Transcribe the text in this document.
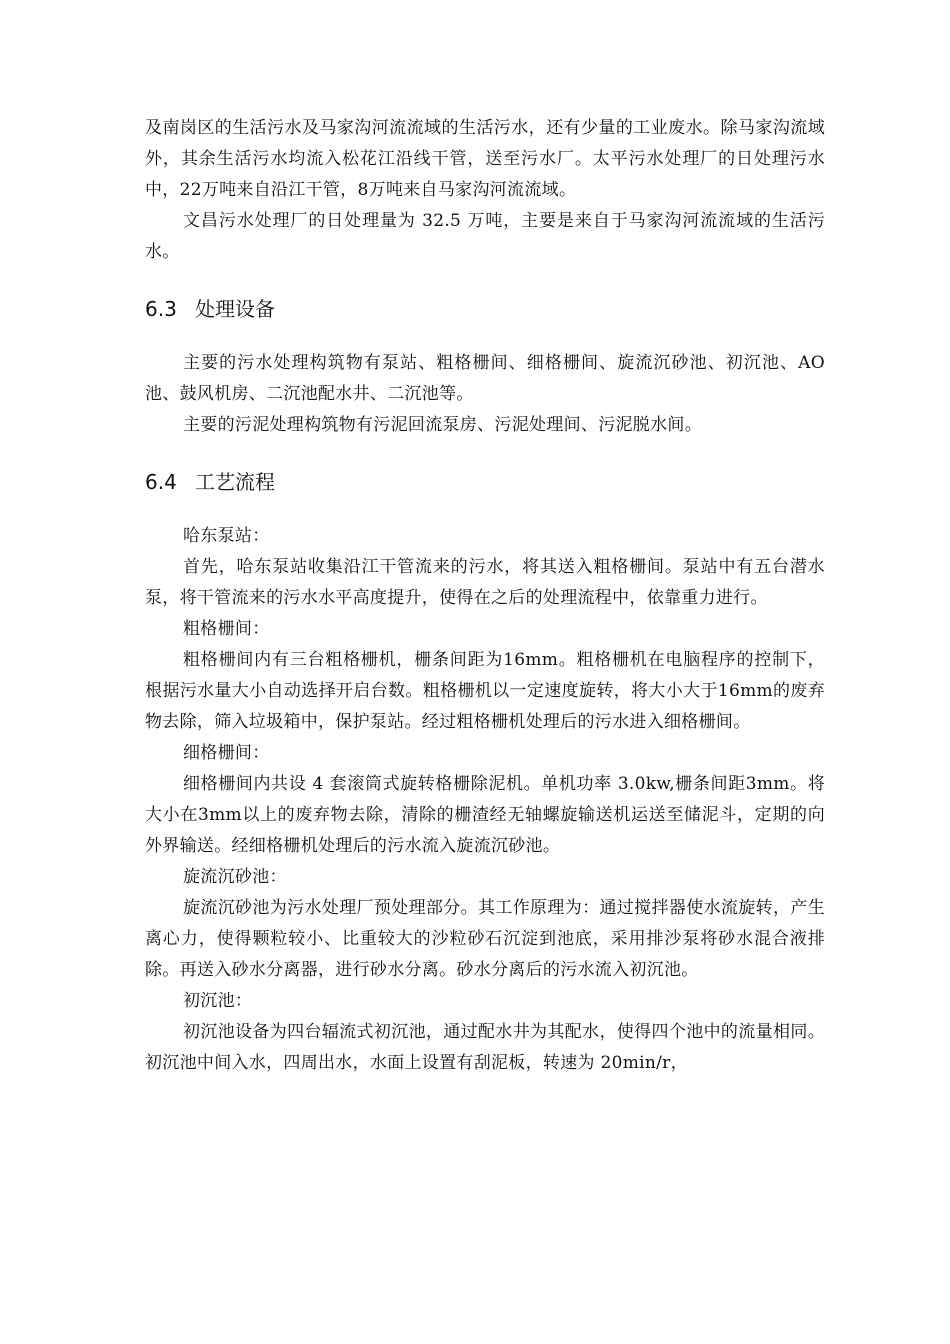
及南岗区的生活污水及马家沟河流流域的生活污水，还有少量的工业废水。除马家沟流域外，其余生活污水均流入松花江沿线干管，送至污水厂。太平污水处理厂的日处理污水中，22万吨来自沿江干管，8万吨来自马家沟河流流域。

文昌污水处理厂的日处理量为 32.5 万吨，主要是来自于马家沟河流流域的生活污水。

6.3 处理设备

主要的污水处理构筑物有泵站、粗格栅间、细格栅间、旋流沉砂池、初沉池、AO池、鼓风机房、二沉池配水井、二沉池等。

主要的污泥处理构筑物有污泥回流泵房、污泥处理间、污泥脱水间。

6.4 工艺流程

哈东泵站：

首先，哈东泵站收集沿江干管流来的污水，将其送入粗格栅间。泵站中有五台潜水泵，将干管流来的污水水平高度提升，使得在之后的处理流程中，依靠重力进行。

粗格栅间：

粗格栅间内有三台粗格栅机，栅条间距为16mm。粗格栅机在电脑程序的控制下，根据污水量大小自动选择开启台数。粗格栅机以一定速度旋转，将大小大于16mm的废弃物去除，筛入垃圾箱中，保护泵站。经过粗格栅机处理后的污水进入细格栅间。

细格栅间：

细格栅间内共设 4 套滚筒式旋转格栅除泥机。单机功率 3.0kw,栅条间距3mm。将大小在3mm以上的废弃物去除，清除的栅渣经无轴螺旋输送机运送至储泥斗，定期的向外界输送。经细格栅机处理后的污水流入旋流沉砂池。

旋流沉砂池：

旋流沉砂池为污水处理厂预处理部分。其工作原理为：通过搅拌器使水流旋转，产生离心力，使得颗粒较小、比重较大的沙粒砂石沉淀到池底，采用排沙泵将砂水混合液排除。再送入砂水分离器，进行砂水分离。砂水分离后的污水流入初沉池。

初沉池：

初沉池设备为四台辐流式初沉池，通过配水井为其配水，使得四个池中的流量相同。初沉池中间入水，四周出水，水面上设置有刮泥板，转速为 20min/r，
